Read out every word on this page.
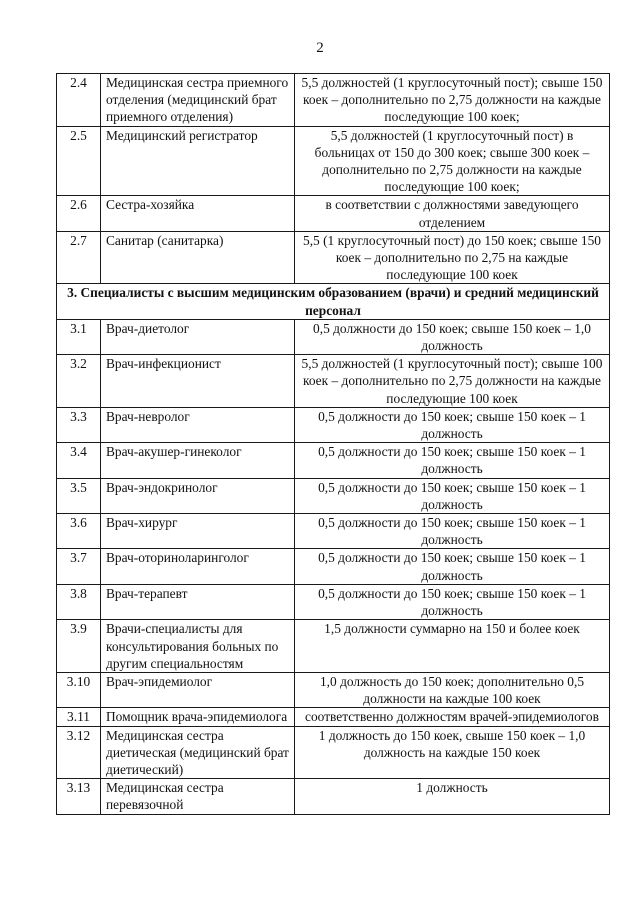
2
2.4	Медицинская сестра приемного отделения (медицинский брат приемного отделения)	5,5 должностей (1 круглосуточный пост); свыше 150 коек – дополнительно по 2,75 должности на каждые последующие 100 коек;
2.5	Медицинский регистратор	5,5 должностей (1 круглосуточный пост) в больницах от 150 до 300 коек; свыше 300 коек – дополнительно по 2,75 должности на каждые последующие 100 коек;
2.6	Сестра-хозяйка	в соответствии с должностями заведующего отделением
2.7	Санитар (санитарка)	5,5 (1 круглосуточный пост) до 150 коек; свыше 150 коек – дополнительно по 2,75 на каждые последующие 100 коек
3. Специалисты с высшим медицинским образованием (врачи) и средний медицинский персонал		
3.1	Врач-диетолог	0,5 должности до 150 коек; свыше 150 коек – 1,0 должность
3.2	Врач-инфекционист	5,5 должностей (1 круглосуточный пост); свыше 100 коек – дополнительно по 2,75 должности на каждые последующие 100 коек
3.3	Врач-невролог	0,5 должности до 150 коек; свыше 150 коек – 1 должность
3.4	Врач-акушер-гинеколог	0,5 должности до 150 коек; свыше 150 коек – 1 должность
3.5	Врач-эндокринолог	0,5 должности до 150 коек; свыше 150 коек – 1 должность
3.6	Врач-хирург	0,5 должности до 150 коек; свыше 150 коек – 1 должность
3.7	Врач-оториноларинголог	0,5 должности до 150 коек; свыше 150 коек – 1 должность
3.8	Врач-терапевт	0,5 должности до 150 коек; свыше 150 коек – 1 должность
3.9	Врачи-специалисты для консультирования больных по другим специальностям	1,5 должности суммарно на 150 и более коек
3.10	Врач-эпидемиолог	1,0 должность до 150 коек; дополнительно 0,5 должности на каждые 100 коек
3.11	Помощник врача-эпидемиолога	соответственно должностям врачей-эпидемиологов
3.12	Медицинская сестра диетическая (медицинский брат диетический)	1 должность до 150 коек, свыше 150 коек – 1,0 должность на каждые 150 коек
3.13	Медицинская сестра перевязочной	1 должность
